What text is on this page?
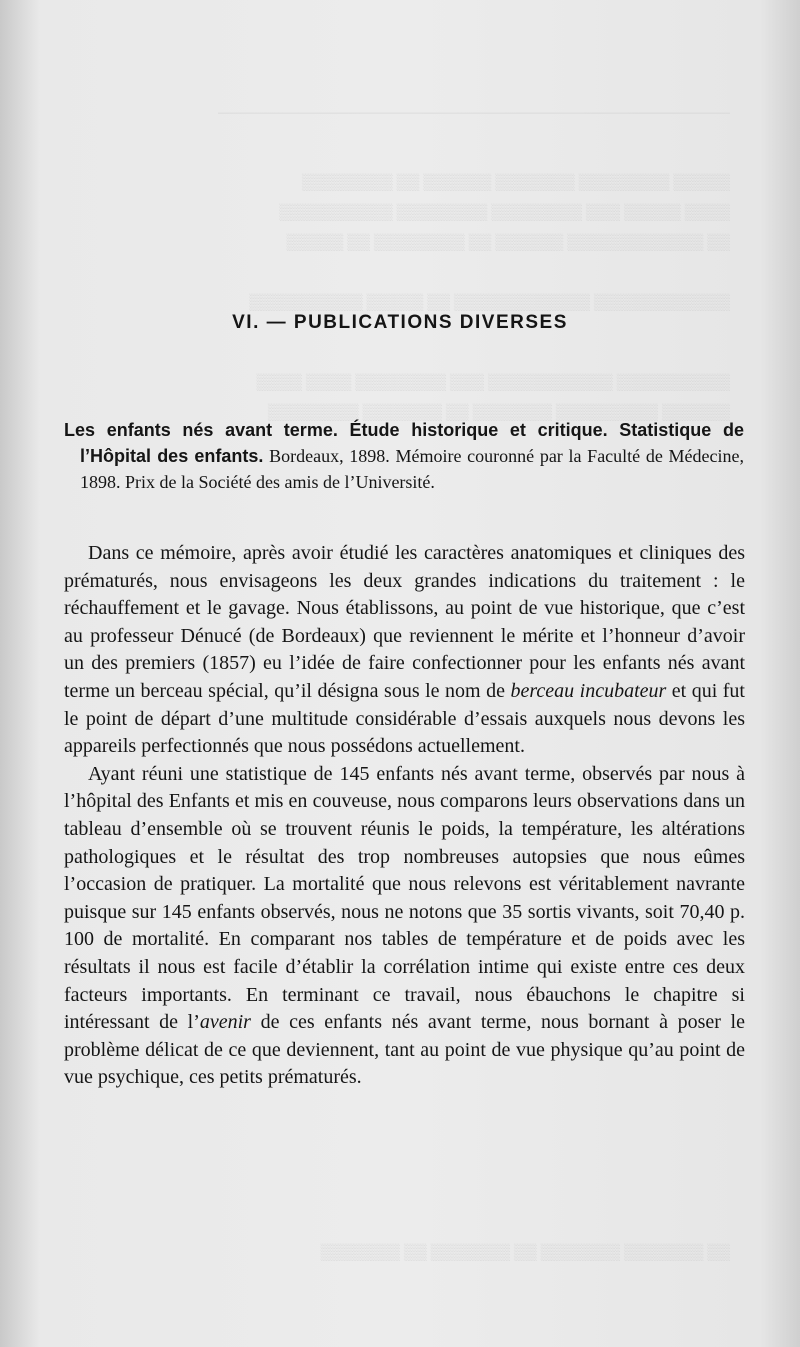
————————————————————————————————
▒▒▒▒▒ ▒▒▒▒▒▒▒▒ ▒▒▒▒▒▒▒ ▒▒▒▒▒▒ ▒▒ ▒▒▒▒▒▒▒▒
▒▒▒▒ ▒▒▒▒▒ ▒▒▒ ▒▒▒▒▒▒▒▒ ▒▒▒▒▒▒▒▒ ▒▒▒▒▒▒▒▒▒▒
▒▒ ▒▒▒▒▒▒▒▒▒▒▒▒ ▒▒▒▒▒▒ ▒▒ ▒▒▒▒▒▒▒▒ ▒▒ ▒▒▒▒▒
▒▒▒▒▒▒▒▒▒▒▒▒ ▒▒▒▒▒▒▒▒▒▒▒▒ ▒▒ ▒▒▒▒▒ ▒▒▒▒▒▒▒▒▒▒
▒▒▒▒▒▒▒▒▒▒ ▒▒▒▒▒▒▒▒▒▒▒ ▒▒▒ ▒▒▒▒▒▒▒▒ ▒▒▒▒ ▒▒▒▒
▒▒▒▒▒▒ ▒▒▒▒▒▒▒▒▒ ▒▒▒▒▒▒▒ ▒▒ ▒▒▒▒▒▒▒ ▒▒▒▒▒▒▒▒
▒▒ ▒▒▒▒▒▒▒ ▒▒▒▒▒▒▒ ▒▒ ▒▒▒▒▒▒▒ ▒▒ ▒▒▒▒▒▒▒
VI. — PUBLICATIONS DIVERSES
Les enfants nés avant terme. Étude historique et critique. Statistique de l’Hôpital des enfants. Bordeaux, 1898. Mémoire couronné par la Faculté de Médecine, 1898. Prix de la Société des amis de l’Université.

Dans ce mémoire, après avoir étudié les caractères anatomiques et cliniques des prématurés, nous envisageons les deux grandes indications du traitement : le réchauffement et le gavage. Nous établissons, au point de vue historique, que c’est au professeur Dénucé (de Bordeaux) que reviennent le mérite et l’honneur d’avoir un des premiers (1857) eu l’idée de faire confectionner pour les enfants nés avant terme un berceau spécial, qu’il désigna sous le nom de berceau incubateur et qui fut le point de départ d’une multitude considérable d’essais auxquels nous devons les appareils perfectionnés que nous possédons actuellement.

Ayant réuni une statistique de 145 enfants nés avant terme, observés par nous à l’hôpital des Enfants et mis en couveuse, nous comparons leurs observations dans un tableau d’ensemble où se trouvent réunis le poids, la température, les altérations pathologiques et le résultat des trop nombreuses autopsies que nous eûmes l’occasion de pratiquer. La mortalité que nous relevons est véritablement navrante puisque sur 145 enfants observés, nous ne notons que 35 sortis vivants, soit 70,40 p. 100 de mortalité. En comparant nos tables de température et de poids avec les résultats il nous est facile d’établir la corrélation intime qui existe entre ces deux facteurs importants. En terminant ce travail, nous ébauchons le chapitre si intéressant de l’avenir de ces enfants nés avant terme, nous bornant à poser le problème délicat de ce que deviennent, tant au point de vue physique qu’au point de vue psychique, ces petits prématurés.
